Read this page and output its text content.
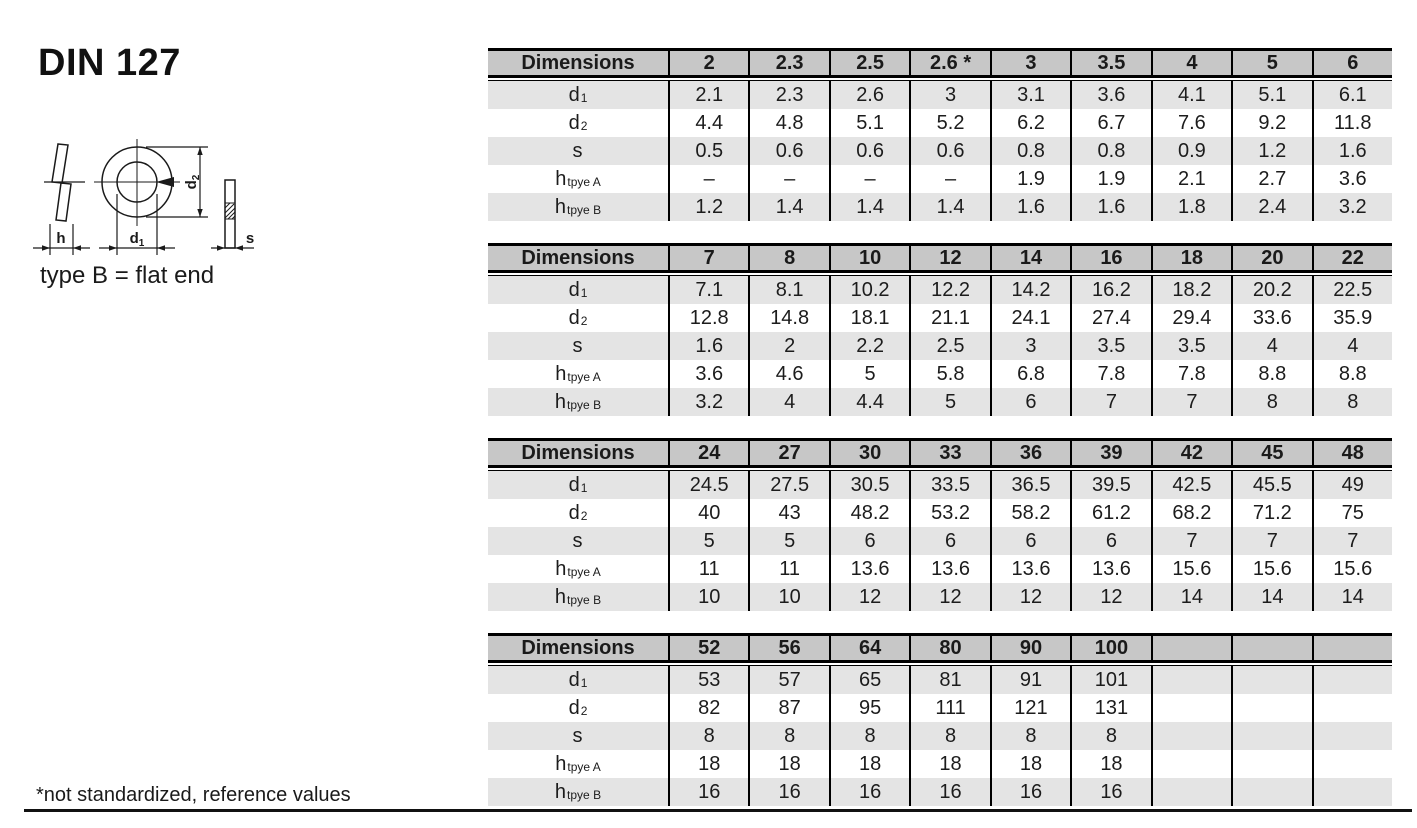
DIN 127
h
$d_2$
$d_1$	s
type B = flat end
Dimensions	2	2.3	2.5	2.6 *	3	3.5	4	5	6
d 1	2.1	2.3	2.6	3	3.1	3.6	4.1	5.1	6.1
d 2	4.4	4.8	5.1	5.2	6.2	6.7	7.6	9.2	11.8
s	0.5	0.6	0.6	0.6	0.8	0.8	0.9	1.2	1.6
h tpye A	–	–	–	–	1.9	1.9	2.1	2.7	3.6
h tpye B	1.2	1.4	1.4	1.4	1.6	1.6	1.8	2.4	3.2
Dimensions	7	8	10	12	14	16	18	20	22
d 1	7.1	8.1	10.2	12.2	14.2	16.2	18.2	20.2	22.5
d 2	12.8	14.8	18.1	21.1	24.1	27.4	29.4	33.6	35.9
s	1.6	2	2.2	2.5	3	3.5	3.5	4	4
h tpye A	3.6	4.6	5	5.8	6.8	7.8	7.8	8.8	8.8
h tpye B	3.2	4	4.4	5	6	7	7	8	8
Dimensions	24	27	30	33	36	39	42	45	48
d 1	24.5	27.5	30.5	33.5	36.5	39.5	42.5	45.5	49
d 2	40	43	48.2	53.2	58.2	61.2	68.2	71.2	75
s	5	5	6	6	6	6	7	7	7
h tpye A	11	11	13.6	13.6	13.6	13.6	15.6	15.6	15.6
h tpye B	10	10	12	12	12	12	14	14	14
Dimensions	52	56	64	80	90	100
d 1	53	57	65	81	91	101
d 2	82	87	95	111	121	131
s	8	8	8	8	8	8
h tpye A	18	18	18	18	18	18
h tpye B	16	16	16	16	16	16
*not standardized, reference values
